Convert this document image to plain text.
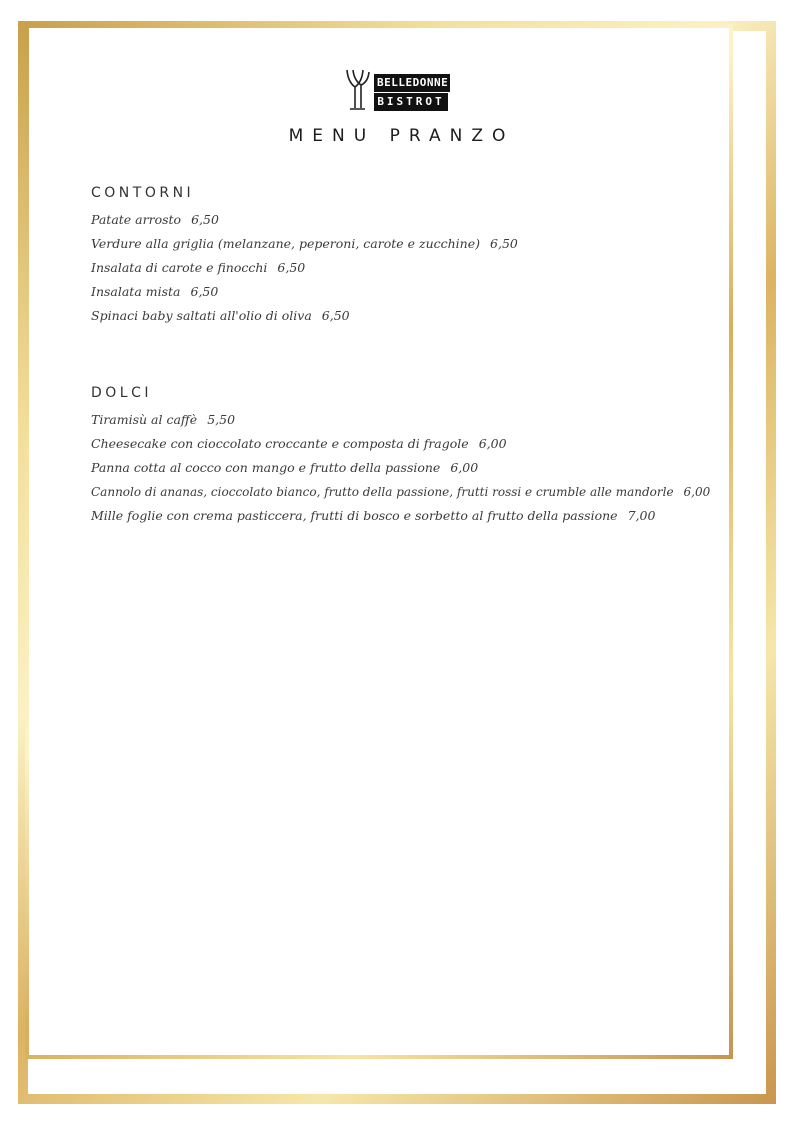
BELLEDONNE
BISTROT
MENU PRANZO
CONTORNI
Patate arrosto 6,50
Verdure alla griglia (melanzane, peperoni, carote e zucchine) 6,50
Insalata di carote e finocchi 6,50
Insalata mista 6,50
Spinaci baby saltati all'olio di oliva 6,50
DOLCI
Tiramisù al caffè 5,50
Cheesecake con cioccolato croccante e composta di fragole 6,00
Panna cotta al cocco con mango e frutto della passione 6,00
Cannolo di ananas, cioccolato bianco, frutto della passione, frutti rossi e crumble alle mandorle 6,00
Mille foglie con crema pasticcera, frutti di bosco e sorbetto al frutto della passione 7,00
